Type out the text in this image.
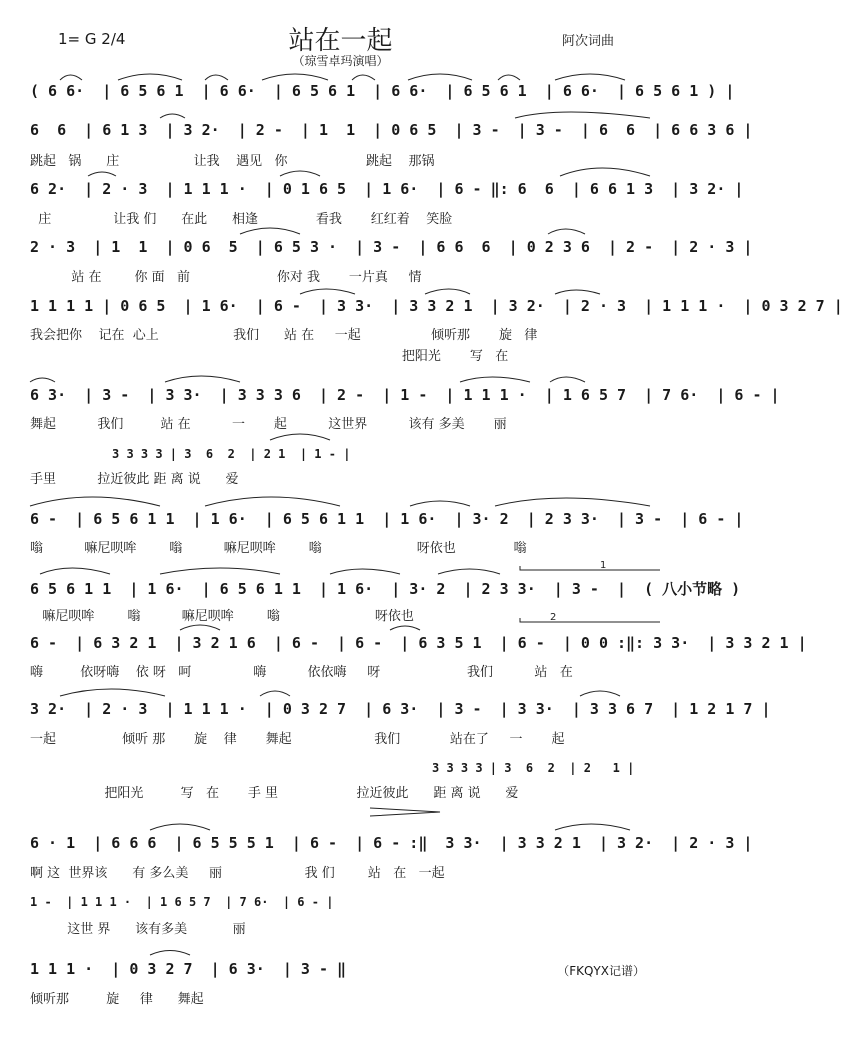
1
2
1= G 2/4	站在一起	阿次词曲
（琼雪卓玛演唱）
( 6 6·  | 6 5 6 1  | 6 6·  | 6 5 6 1  | 6 6·  | 6 5 6 1  | 6 6·  | 6 5 6 1 ) |
6  6  | 6 1 3  | 3 2·  | 2 -  | 1  1  | 0 6 5  | 3 -  | 3 -  | 6  6  | 6 6 3 6 |
跳起   锅      庄                  让我    遇见   你                   跳起    那锅
6 2·  | 2 · 3  | 1 1 1 ·  | 0 1 6 5  | 1 6·  | 6 - ‖: 6  6  | 6 6 1 3  | 3 2· |
庄               让我 们      在此      相逢              看我       红红着    笑脸
2 · 3  | 1  1  | 0 6  5  | 6 5 3 ·  | 3 -  | 6 6  6  | 0 2 3 6  | 2 -  | 2 · 3 |
站 在        你 面   前                     你对 我       一片真     情
1 1 1 1 | 0 6 5  | 1 6·  | 6 -  | 3 3·  | 3 3 2 1  | 3 2·  | 2 · 3  | 1 1 1 ·  | 0 3 2 7 |
我会把你    记在  心上                  我们      站 在     一起                 倾听那       旋   律
把阳光       写   在
6 3·  | 3 -  | 3 3·  | 3 3 3 6  | 2 -  | 1 -  | 1 1 1 ·  | 1 6 5 7  | 7 6·  | 6 - |
舞起          我们         站 在          一       起          这世界          该有 多美       丽
3 3 3 3 | 3  6  2  | 2 1  | 1 - |
手里          拉近彼此 距 离 说      爱
6 -  | 6 5 6 1 1  | 1 6·  | 6 5 6 1 1  | 1 6·  | 3· 2  | 2 3 3·  | 3 -  | 6 - |
嗡          嘛尼呗哞        嗡          嘛尼呗哞        嗡                       呀依也              嗡
6 5 6 1 1  | 1 6·  | 6 5 6 1 1  | 1 6·  | 3· 2  | 2 3 3·  | 3 -  |  ( 八小节略 )
嘛尼呗哞        嗡          嘛尼呗哞        嗡                       呀依也
6 -  | 6 3 2 1  | 3 2 1 6  | 6 -  | 6 -  | 6 3 5 1  | 6 -  | 0 0 :‖: 3 3·  | 3 3 2 1 |
嗨         依呀嗨    依 呀   呵               嗨          依依嗨     呀                     我们          站   在
3 2·  | 2 · 3  | 1 1 1 ·  | 0 3 2 7  | 6 3·  | 3 -  | 3 3·  | 3 3 6 7  | 1 2 1 7 |
一起                倾听 那       旋    律       舞起                    我们            站在了     一       起
3 3 3 3 | 3  6  2  | 2   1 |
把阳光         写   在       手 里                   拉近彼此      距 离 说      爱
6 · 1  | 6 6 6  | 6 5 5 5 1  | 6 -  | 6 - :‖  3 3·  | 3 3 2 1  | 3 2·  | 2 · 3 |
啊 这  世界该      有 多么美     丽                    我 们        站   在   一起
1 -  | 1 1 1 ·  | 1 6 5 7  | 7 6·  | 6 - |
这世 界      该有多美           丽
1 1 1 ·  | 0 3 2 7  | 6 3·  | 3 - ‖
倾听那         旋     律      舞起
（FKQYX记谱）
